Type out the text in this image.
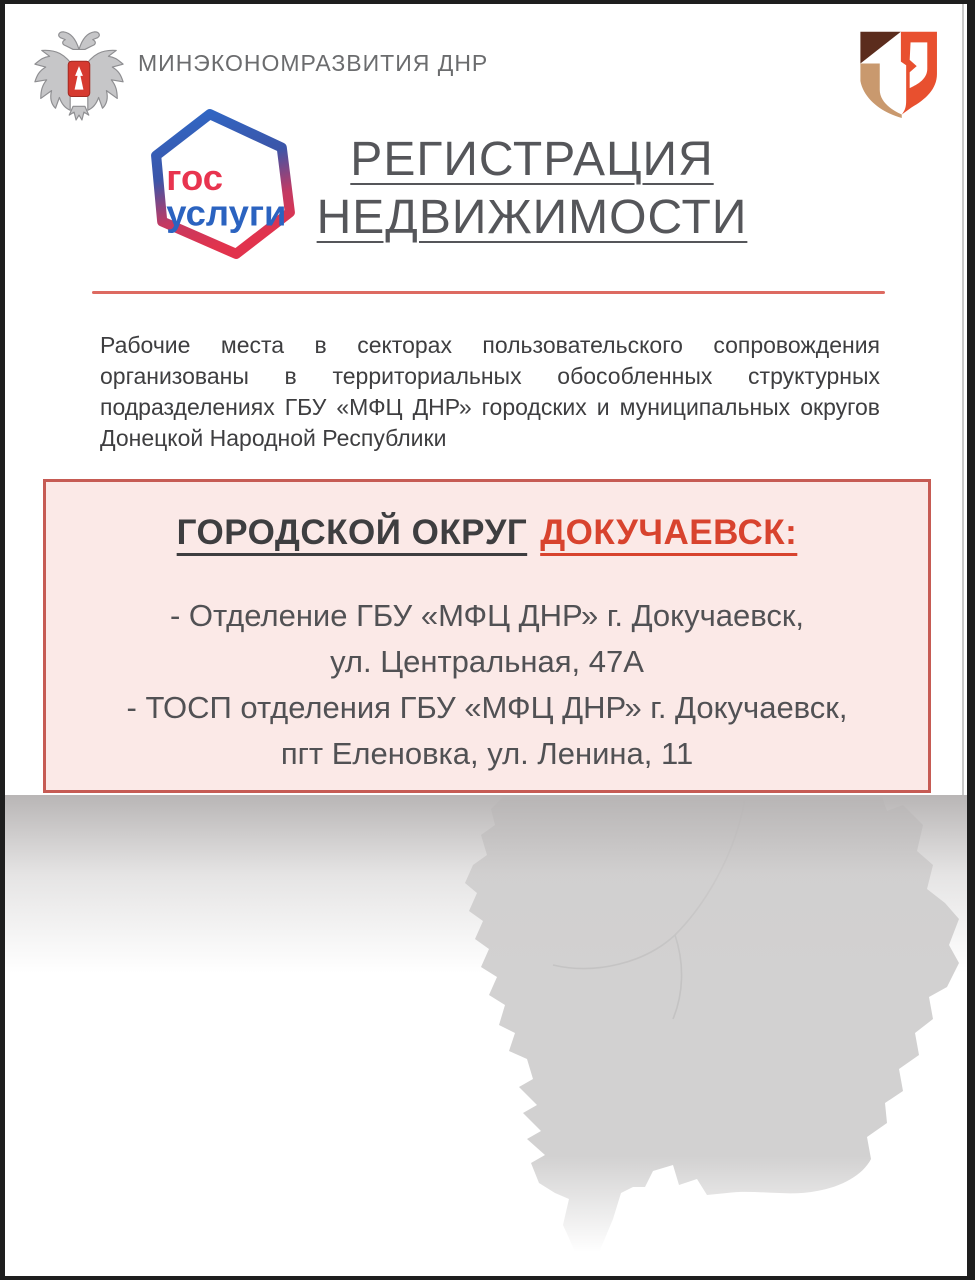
МИНЭКОНОМРАЗВИТИЯ ДНР
гос
услуги
РЕГИСТРАЦИЯ
НЕДВИЖИМОСТИ
Рабочие места в секторах пользовательского сопровождения
организованы в территориальных обособленных структурных
подразделениях ГБУ «МФЦ ДНР» городских и муниципальных округов
Донецкой Народной Республики
ГОРОДСКОЙ ОКРУГ ДОКУЧАЕВСК:
- Отделение ГБУ «МФЦ ДНР» г. Докучаевск,
ул. Центральная, 47А
- ТОСП отделения ГБУ «МФЦ ДНР» г. Докучаевск,
пгт Еленовка, ул. Ленина, 11
